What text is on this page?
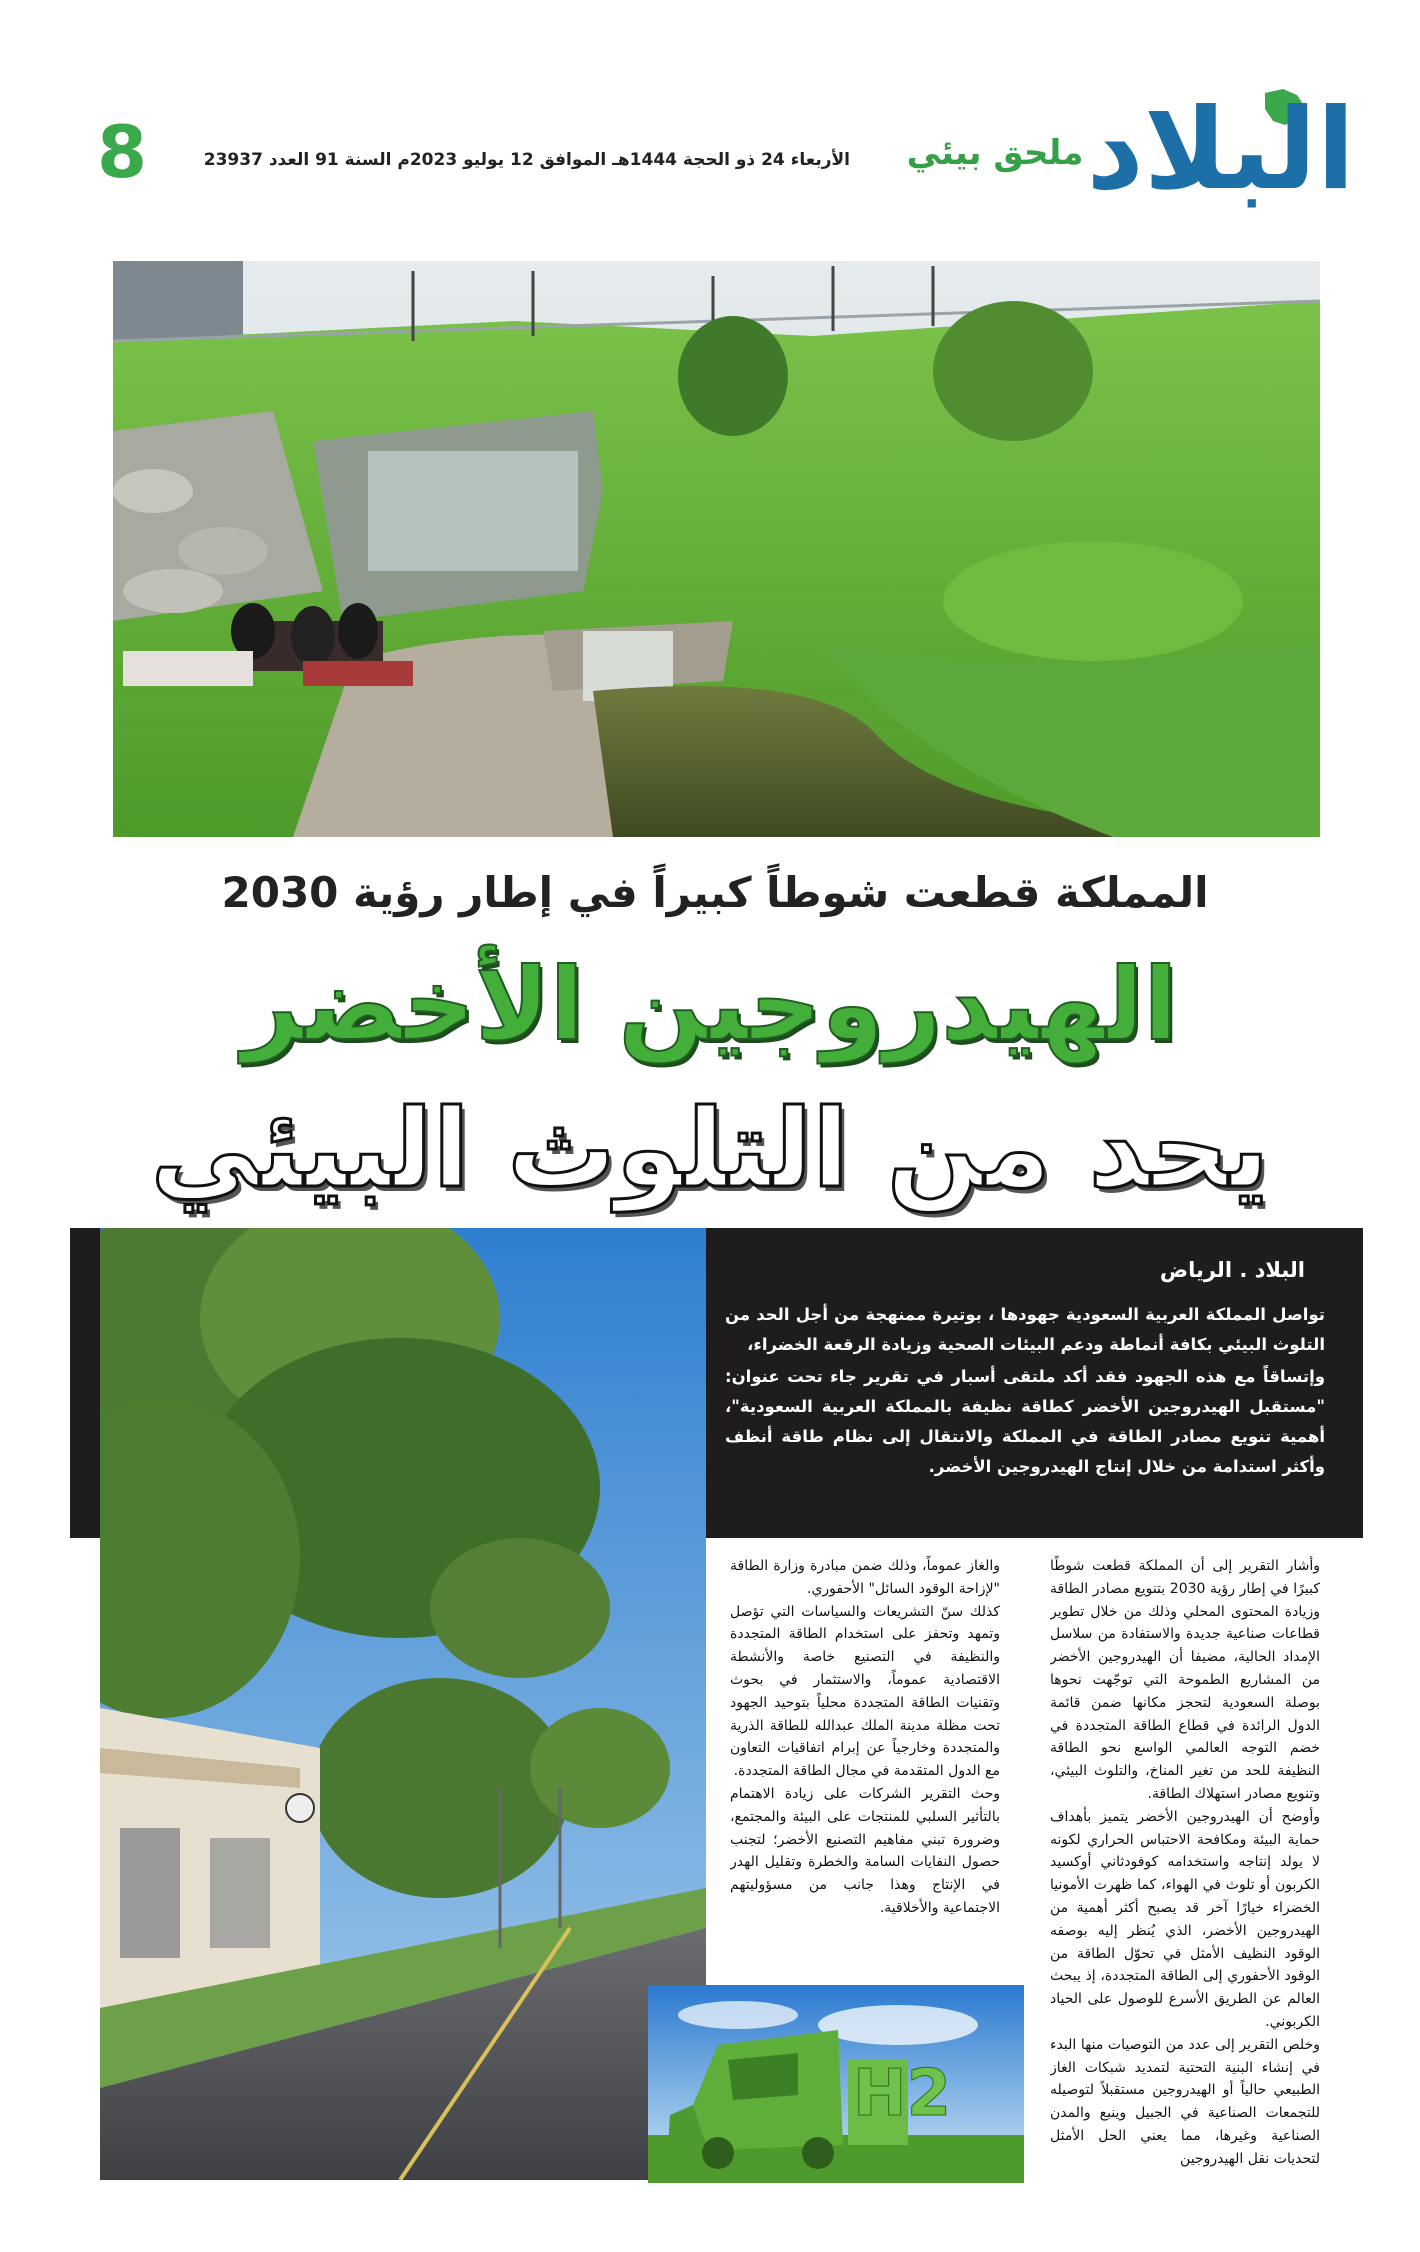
البلاد
ملحق بيئي
الأربعاء 24 ذو الحجة 1444هـ الموافق 12 يوليو 2023م السنة 91 العدد 23937
8
المملكة قطعت شوطاً كبيراً في إطار رؤية 2030
الهيدروجين الأخضر
يحد من التلوث البيئي
البلاد . الرياض

تواصل المملكة العربية السعودية جهودها ، بوتيرة ممنهجة من أجل الحد من التلوث البيئي بكافة أنماطة ودعم البيئات الصحية وزيادة الرقعة الخضراء،

وإتساقاً مع هذه الجهود فقد أكد ملتقى أسبار في تقرير جاء تحت عنوان: "مستقبل الهيدروجين الأخضر كطاقة نظيفة بالمملكة العربية السعودية"، أهمية تنويع مصادر الطاقة في المملكة والانتقال إلى نظام طاقة أنظف وأكثر استدامة من خلال إنتاج الهيدروجين الأخضر.

وأشار التقرير إلى أن المملكة قطعت شوطًا كبيرًا في إطار رؤية 2030 بتنويع مصادر الطاقة وزيادة المحتوى المحلي وذلك من خلال تطوير قطاعات صناعية جديدة والاستفادة من سلاسل الإمداد الحالية، مضيفا أن الهيدروجين الأخضر من المشاريع الطموحة التي توجّهت نحوها بوصلة السعودية لتحجز مكانها ضمن قائمة الدول الرائدة في قطاع الطاقة المتجددة في خضم التوجه العالمي الواسع نحو الطاقة النظيفة للحد من تغير المناخ، والتلوث البيئي، وتنويع مصادر استهلاك الطاقة.

وأوضح أن الهيدروجين الأخضر يتميز بأهداف حماية البيئة ومكافحة الاحتباس الحراري لكونه لا يولد إنتاجه واستخدامه كوفودثاني أوكسيد الكربون أو تلوث في الهواء، كما ظهرت الأمونيا الخضراء خيارًا آخر قد يصبح أكثر أهمية من الهيدروجين الأخضر، الذي يُنظر إليه بوصفه الوقود النظيف الأمثل في تحوّل الطاقة من الوقود الأحفوري إلى الطاقة المتجددة، إذ يبحث العالم عن الطريق الأسرع للوصول على الحياد الكربوني.

وخلص التقرير إلى عدد من التوصيات منها البدء في إنشاء البنية التحتية لتمديد شبكات الغاز الطبيعي حالياً أو الهيدروجين مستقبلاً لتوصيله للتجمعات الصناعية في الجبيل وينبع والمدن الصناعية وغيرها، مما يعني الحل الأمثل لتحديات نقل الهيدروجين

والغاز عموماً، وذلك ضمن مبادرة وزارة الطاقة "لإزاحة الوقود السائل" الأحفوري.

كذلك سنّ التشريعات والسياسات التي تؤصل وتمهد وتحفز على استخدام الطاقة المتجددة والنظيفة في التصنيع خاصة والأنشطة الاقتصادية عموماً، والاستثمار في بحوث وتقنيات الطاقة المتجددة محلياً بتوحيد الجهود تحت مظلة مدينة الملك عبدالله للطاقة الذرية والمتجددة وخارجياً عن إبرام اتفاقيات التعاون مع الدول المتقدمة في مجال الطاقة المتجددة.

وحث التقرير الشركات على زيادة الاهتمام بالتأثير السلبي للمنتجات على البيئة والمجتمع، وضرورة تبني مفاهيم التصنيع الأخضر؛ لتجنب حصول النفايات السامة والخطرة وتقليل الهدر في الإنتاج وهذا جانب من مسؤوليتهم الاجتماعية والأخلاقية.

H2
